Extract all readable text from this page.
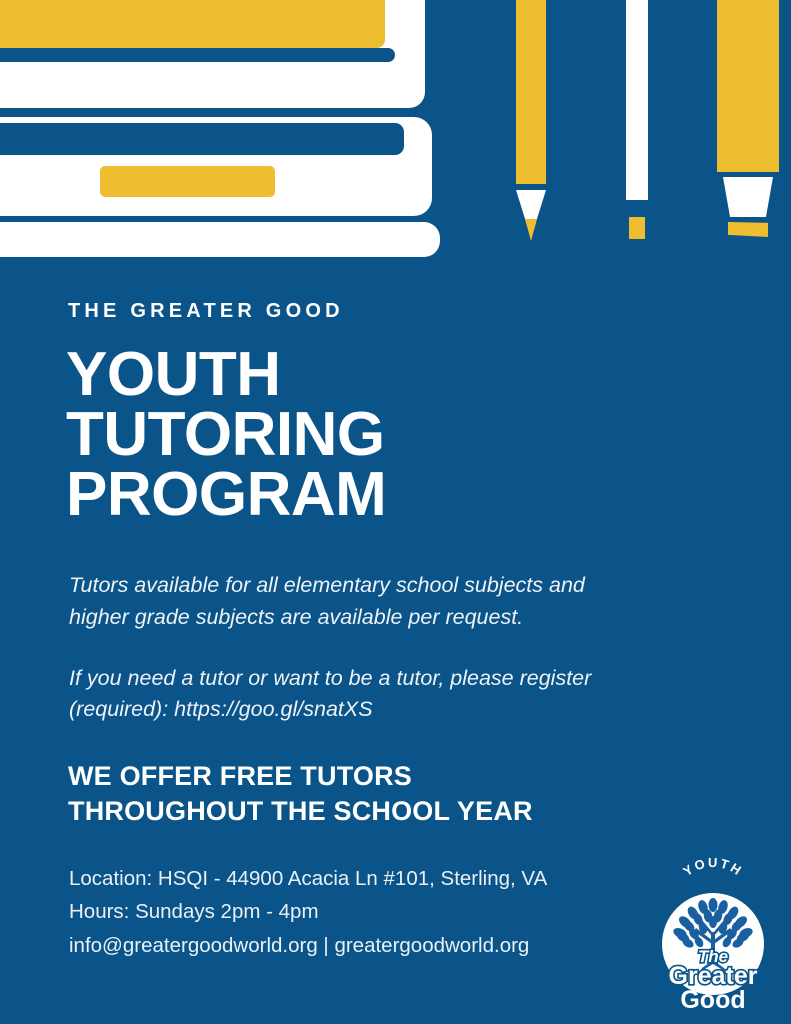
THE GREATER GOOD
YOUTH
TUTORING
PROGRAM

Tutors available for all elementary school subjects and higher grade subjects are available per request.

If you need a tutor or want to be a tutor, please register (required): https://goo.gl/snatXS

WE OFFER FREE TUTORS
THROUGHOUT THE SCHOOL YEAR
Location: HSQI - 44900 Acacia Ln #101, Sterling, VA
Hours: Sundays 2pm - 4pm
info@greatergoodworld.org | greatergoodworld.org
YOUTH
The
Greater
Good
